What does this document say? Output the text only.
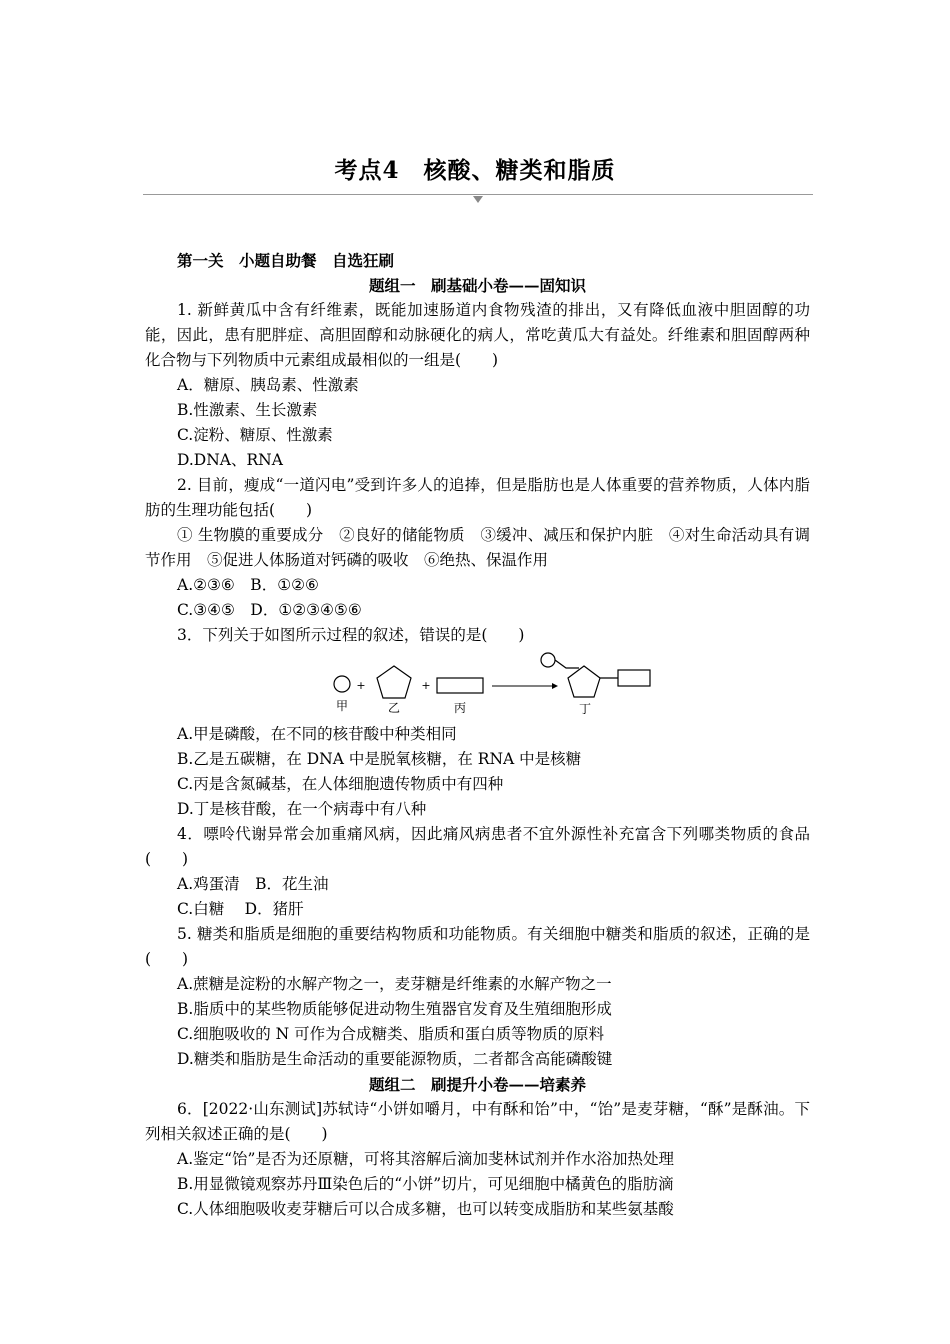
考点4　核酸、糖类和脂质

第一关　小题自助餐　自选狂刷

题组一　刷基础小卷——固知识

1. 新鲜黄瓜中含有纤维素，既能加速肠道内食物残渣的排出，又有降低血液中胆固醇的功能，因此，患有肥胖症、高胆固醇和动脉硬化的病人，常吃黄瓜大有益处。纤维素和胆固醇两种化合物与下列物质中元素组成最相似的一组是(　　)

A．糖原、胰岛素、性激素

B.性激素、生长激素

C.淀粉、糖原、性激素

D.DNA、RNA

2. 目前，瘦成“一道闪电”受到许多人的追捧，但是脂肪也是人体重要的营养物质，人体内脂肪的生理功能包括(　　)

① 生物膜的重要成分　②良好的储能物质　③缓冲、减压和保护内脏　④对生命活动具有调节作用　⑤促进人体肠道对钙磷的吸收　⑥绝热、保温作用

A.②③⑥　B．①②⑥

C.③④⑤　D．①②③④⑤⑥

3．下列关于如图所示过程的叙述，错误的是(　　)

甲
+
乙
+
丙	丁

A.甲是磷酸，在不同的核苷酸中种类相同

B.乙是五碳糖，在 DNA 中是脱氧核糖，在 RNA 中是核糖

C.丙是含氮碱基，在人体细胞遗传物质中有四种

D.丁是核苷酸，在一个病毒中有八种

4．嘌呤代谢异常会加重痛风病，因此痛风病患者不宜外源性补充富含下列哪类物质的食品(　　)

A.鸡蛋清　B．花生油

C.白糖　 D．猪肝

5. 糖类和脂质是细胞的重要结构物质和功能物质。有关细胞中糖类和脂质的叙述，正确的是(　　)

A.蔗糖是淀粉的水解产物之一，麦芽糖是纤维素的水解产物之一

B.脂质中的某些物质能够促进动物生殖器官发育及生殖细胞形成

C.细胞吸收的 N 可作为合成糖类、脂质和蛋白质等物质的原料

D.糖类和脂肪是生命活动的重要能源物质，二者都含高能磷酸键

题组二　刷提升小卷——培素养

6．[2022·山东测试]苏轼诗“小饼如嚼月，中有酥和饴”中，“饴”是麦芽糖，“酥”是酥油。下列相关叙述正确的是(　　)

A.鉴定“饴”是否为还原糖，可将其溶解后滴加斐林试剂并作水浴加热处理

B.用显微镜观察苏丹Ⅲ染色后的“小饼”切片，可见细胞中橘黄色的脂肪滴

C.人体细胞吸收麦芽糖后可以合成多糖，也可以转变成脂肪和某些氨基酸
